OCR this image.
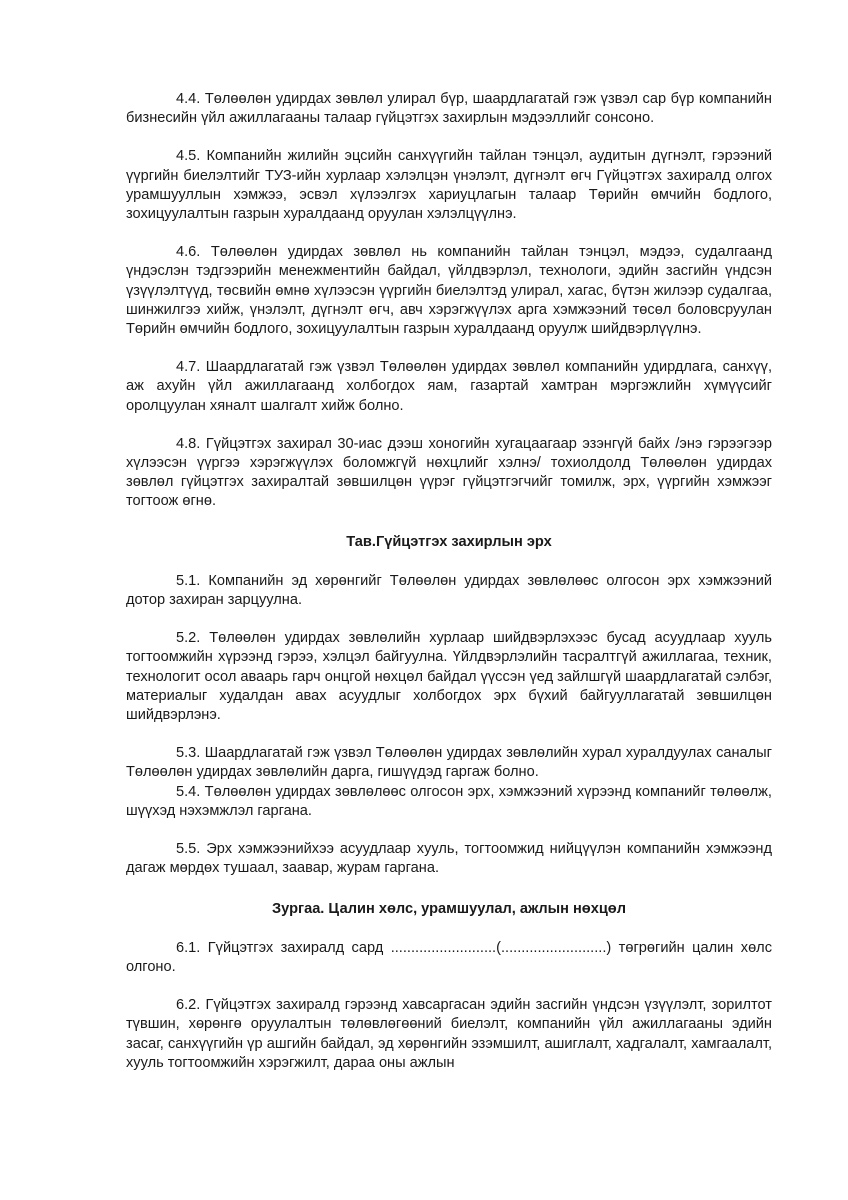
4.4. Төлөөлөн удирдах зөвлөл улирал бүр, шаардлагатай гэж үзвэл сар бүр компанийн бизнесийн үйл ажиллагааны талаар гүйцэтгэх захирлын мэдээллийг сонсоно.

4.5. Компанийн жилийн эцсийн санхүүгийн тайлан тэнцэл, аудитын дүгнэлт, гэрээний үүргийн биелэлтийг ТУЗ-ийн хурлаар хэлэлцэн үнэлэлт, дүгнэлт өгч Гүйцэтгэх захиралд олгох урамшууллын хэмжээ, эсвэл хүлээлгэх хариуцлагын талаар Төрийн өмчийн бодлого, зохицуулалтын газрын хуралдаанд оруулан хэлэлцүүлнэ.

4.6. Төлөөлөн удирдах зөвлөл нь компанийн тайлан тэнцэл, мэдээ, судалгаанд үндэслэн тэдгээрийн менежментийн байдал, үйлдвэрлэл, технологи, эдийн засгийн үндсэн үзүүлэлтүүд, төсвийн өмнө хүлээсэн үүргийн биелэлтэд улирал, хагас, бүтэн жилээр судалгаа, шинжилгээ хийж, үнэлэлт, дүгнэлт өгч, авч хэрэгжүүлэх арга хэмжээний төсөл боловсруулан Төрийн өмчийн бодлого, зохицуулалтын газрын хуралдаанд оруулж шийдвэрлүүлнэ.

4.7. Шаардлагатай гэж үзвэл Төлөөлөн удирдах зөвлөл компанийн удирдлага, санхүү, аж ахуйн үйл ажиллагаанд холбогдох яам, газартай хамтран мэргэжлийн хүмүүсийг оролцуулан хяналт шалгалт хийж болно.

4.8. Гүйцэтгэх захирал 30-иас дээш хоногийн хугацаагаар эзэнгүй байх /энэ гэрээгээр хүлээсэн үүргээ хэрэгжүүлэх боломжгүй нөхцлийг хэлнэ/ тохиолдолд Төлөөлөн удирдах зөвлөл гүйцэтгэх захиралтай зөвшилцөн үүрэг гүйцэтгэгчийг томилж, эрх, үүргийн хэмжээг тогтоож өгнө.

Тав.Гүйцэтгэх захирлын эрх

5.1. Компанийн эд хөрөнгийг Төлөөлөн удирдах зөвлөлөөс олгосон эрх хэмжээний дотор захиран зарцуулна.

5.2. Төлөөлөн удирдах зөвлөлийн хурлаар шийдвэрлэхээс бусад асуудлаар хууль тогтоомжийн хүрээнд гэрээ, хэлцэл байгуулна. Үйлдвэрлэлийн тасралтгүй ажиллагаа, техник, технологит осол аваарь гарч онцгой нөхцөл байдал үүссэн үед зайлшгүй шаардлагатай сэлбэг, материалыг худалдан авах асуудлыг холбогдох эрх бүхий байгууллагатай зөвшилцөн шийдвэрлэнэ.

5.3. Шаардлагатай гэж үзвэл Төлөөлөн удирдах зөвлөлийн хурал хуралдуулах саналыг Төлөөлөн удирдах зөвлөлийн дарга, гишүүдэд гаргаж болно.

5.4. Төлөөлөн удирдах зөвлөлөөс олгосон эрх, хэмжээний хүрээнд компанийг төлөөлж, шүүхэд нэхэмжлэл гаргана.

5.5. Эрх хэмжээнийхээ асуудлаар хууль, тогтоомжид нийцүүлэн компанийн хэмжээнд дагаж мөрдөх тушаал, заавар, журам гаргана.

Зургаа. Цалин хөлс, урамшуулал, ажлын нөхцөл

6.1. Гүйцэтгэх захиралд сард ..........................(..........................) төгрөгийн цалин хөлс олгоно.

6.2. Гүйцэтгэх захиралд гэрээнд хавсаргасан эдийн засгийн үндсэн үзүүлэлт, зорилтот түвшин, хөрөнгө оруулалтын төлөвлөгөөний биелэлт, компанийн үйл ажиллагааны эдийн засаг, санхүүгийн үр ашгийн байдал, эд хөрөнгийн эзэмшилт, ашиглалт, хадгалалт, хамгаалалт, хууль тогтоомжийн хэрэгжилт, дараа оны ажлын
